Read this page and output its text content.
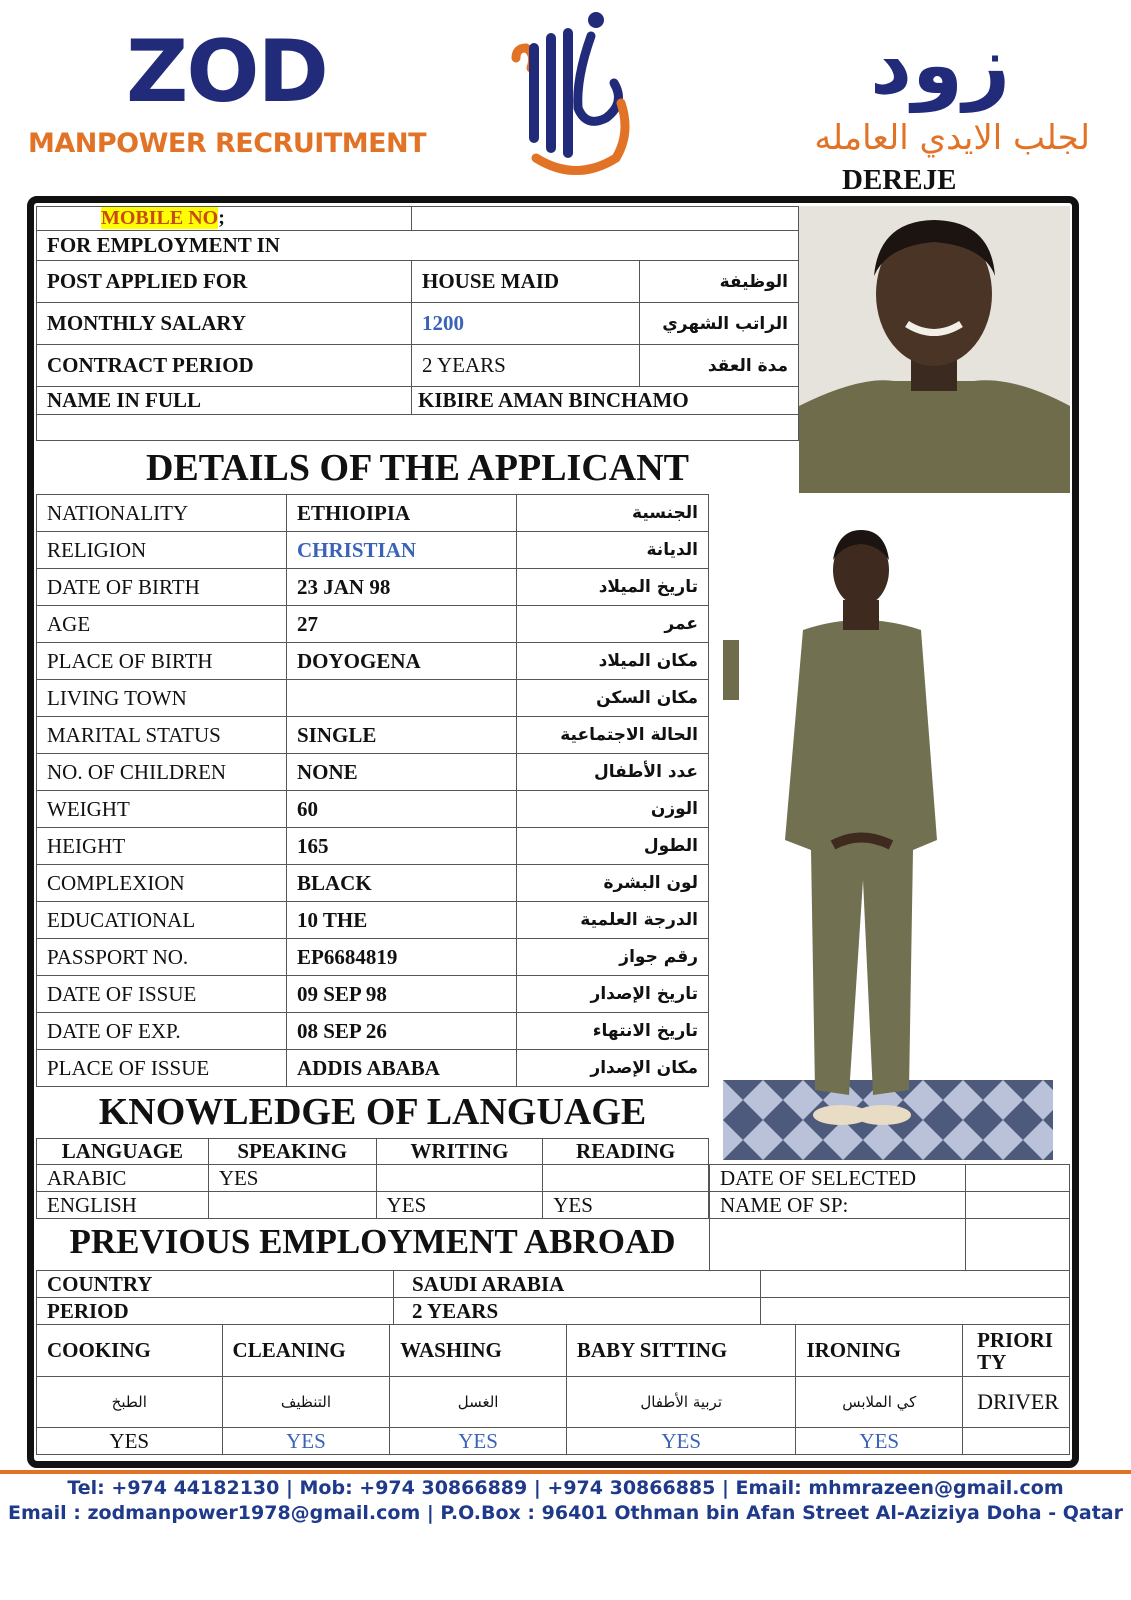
ZOD
MANPOWER RECRUITMENT
زود
لجلب الايدي العامله
DEREJE
MOBILE NO;		
FOR EMPLOYMENT IN		
POST APPLIED FOR	HOUSE MAID	الوظيفة
MONTHLY SALARY	1200	الراتب الشهري
CONTRACT PERIOD	2 YEARS	مدة العقد
NAME IN FULL	KIBIRE AMAN BINCHAMO	

DETAILS OF THE APPLICANT
NATIONALITY	ETHIOIPIA	الجنسية
RELIGION	CHRISTIAN	الديانة
DATE OF BIRTH	23 JAN 98	تاريخ الميلاد
AGE	27	عمر
PLACE OF BIRTH	DOYOGENA	مكان الميلاد
LIVING TOWN		مكان السكن
MARITAL STATUS	SINGLE	الحالة الاجتماعية
NO. OF CHILDREN	NONE	عدد الأطفال
WEIGHT	60	الوزن
HEIGHT	165	الطول
COMPLEXION	BLACK	لون البشرة
EDUCATIONAL	10 THE	الدرجة العلمية
PASSPORT NO.	EP6684819	رقم جواز
DATE OF ISSUE	09 SEP 98	تاريخ الإصدار
DATE OF EXP.	08 SEP 26	تاريخ الانتهاء
PLACE OF ISSUE	ADDIS ABABA	مكان الإصدار
KNOWLEDGE OF LANGUAGE
LANGUAGE	SPEAKING	WRITING	READING
ARABIC	YES		
ENGLISH		YES	YES
DATE OF SELECTED	
NAME OF SP:	

PREVIOUS EMPLOYMENT ABROAD
COUNTRY	SAUDI ARABIA	
PERIOD	2 YEARS	
COOKING	CLEANING	WASHING	BABY SITTING	IRONING	PRIORI TY
الطبخ	التنظيف	الغسل	تربية الأطفال	كي الملابس	DRIVER
YES	YES	YES	YES	YES	
Tel: +974 44182130 | Mob: +974 30866889 | +974 30866885 | Email: mhmrazeen@gmail.com
Email : zodmanpower1978@gmail.com | P.O.Box : 96401 Othman bin Afan Street Al-Aziziya Doha - Qatar
